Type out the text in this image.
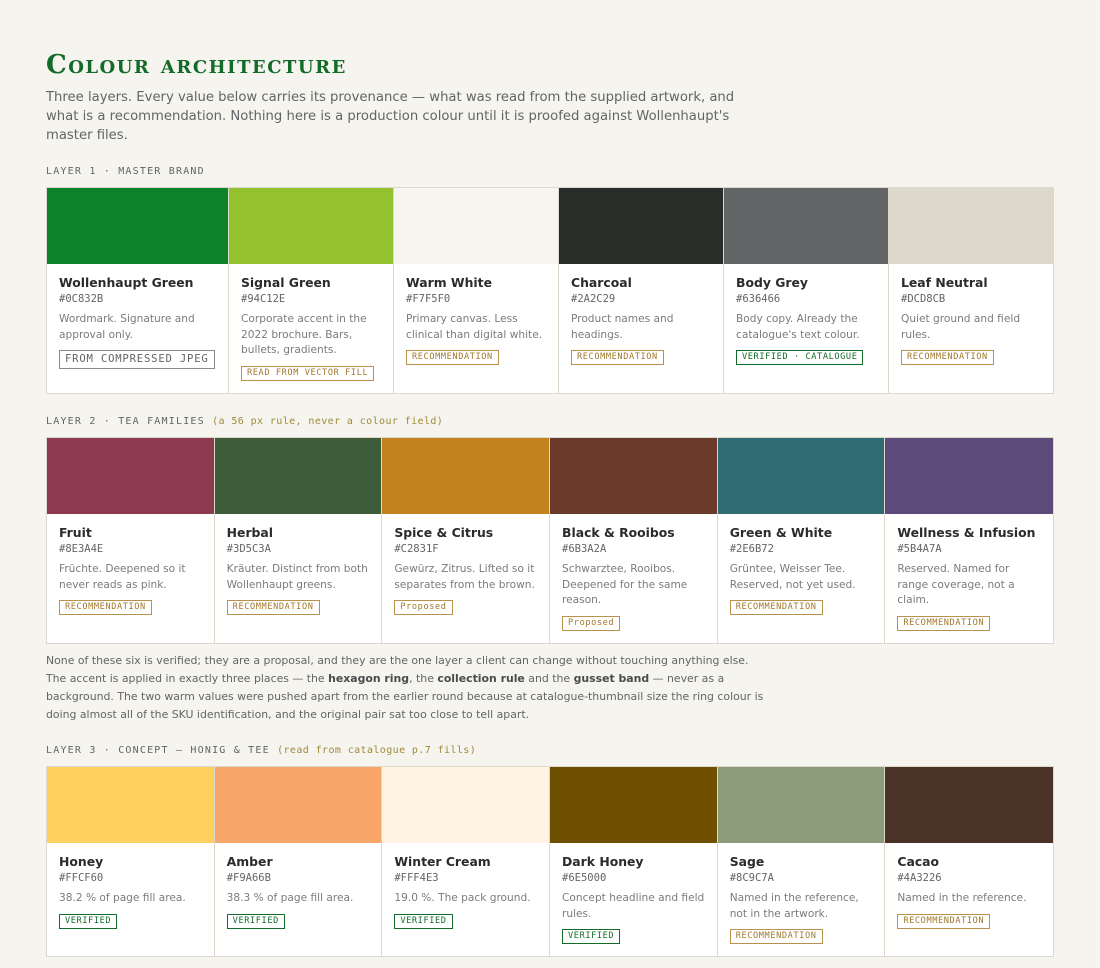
Colour architecture

Three layers. Every value below carries its provenance — what was read from the supplied artwork, and what is a recommendation. Nothing here is a production colour until it is proofed against Wollenhaupt's master files.

LAYER 1 · MASTER BRAND
Wollenhaupt Green
#0C832B
Wordmark. Signature and approval only.
FROM COMPRESSED JPEG
Signal Green
#94C12E
Corporate accent in the 2022 brochure. Bars, bullets, gradients.
READ FROM VECTOR FILL
Warm White
#F7F5F0
Primary canvas. Less clinical than digital white.
RECOMMENDATION
Charcoal
#2A2C29
Product names and headings.
RECOMMENDATION
Body Grey
#636466
Body copy. Already the catalogue's text colour.
VERIFIED · CATALOGUE
Leaf Neutral
#DCD8CB
Quiet ground and field rules.
RECOMMENDATION
LAYER 2 · TEA FAMILIES (a 56 px rule, never a colour field)
Fruit
#8E3A4E
Früchte. Deepened so it never reads as pink.
RECOMMENDATION
Herbal
#3D5C3A
Kräuter. Distinct from both Wollenhaupt greens.
RECOMMENDATION
Spice & Citrus
#C2831F
Gewürz, Zitrus. Lifted so it separates from the brown.
Proposed
Black & Rooibos
#6B3A2A
Schwarztee, Rooibos. Deepened for the same reason.
Proposed
Green & White
#2E6B72
Grüntee, Weisser Tee. Reserved, not yet used.
RECOMMENDATION
Wellness & Infusion
#5B4A7A
Reserved. Named for range coverage, not a claim.
RECOMMENDATION

None of these six is verified; they are a proposal, and they are the one layer a client can change without touching anything else. The accent is applied in exactly three places — the hexagon ring, the collection rule and the gusset band — never as a background. The two warm values were pushed apart from the earlier round because at catalogue-thumbnail size the ring colour is doing almost all of the SKU identification, and the original pair sat too close to tell apart.

LAYER 3 · CONCEPT — HONIG & TEE (read from catalogue p.7 fills)
Honey
#FFCF60
38.2 % of page fill area.
VERIFIED
Amber
#F9A66B
38.3 % of page fill area.
VERIFIED
Winter Cream
#FFF4E3
19.0 %. The pack ground.
VERIFIED
Dark Honey
#6E5000
Concept headline and field rules.
VERIFIED
Sage
#8C9C7A
Named in the reference, not in the artwork.
RECOMMENDATION
Cacao
#4A3226
Named in the reference.
RECOMMENDATION
